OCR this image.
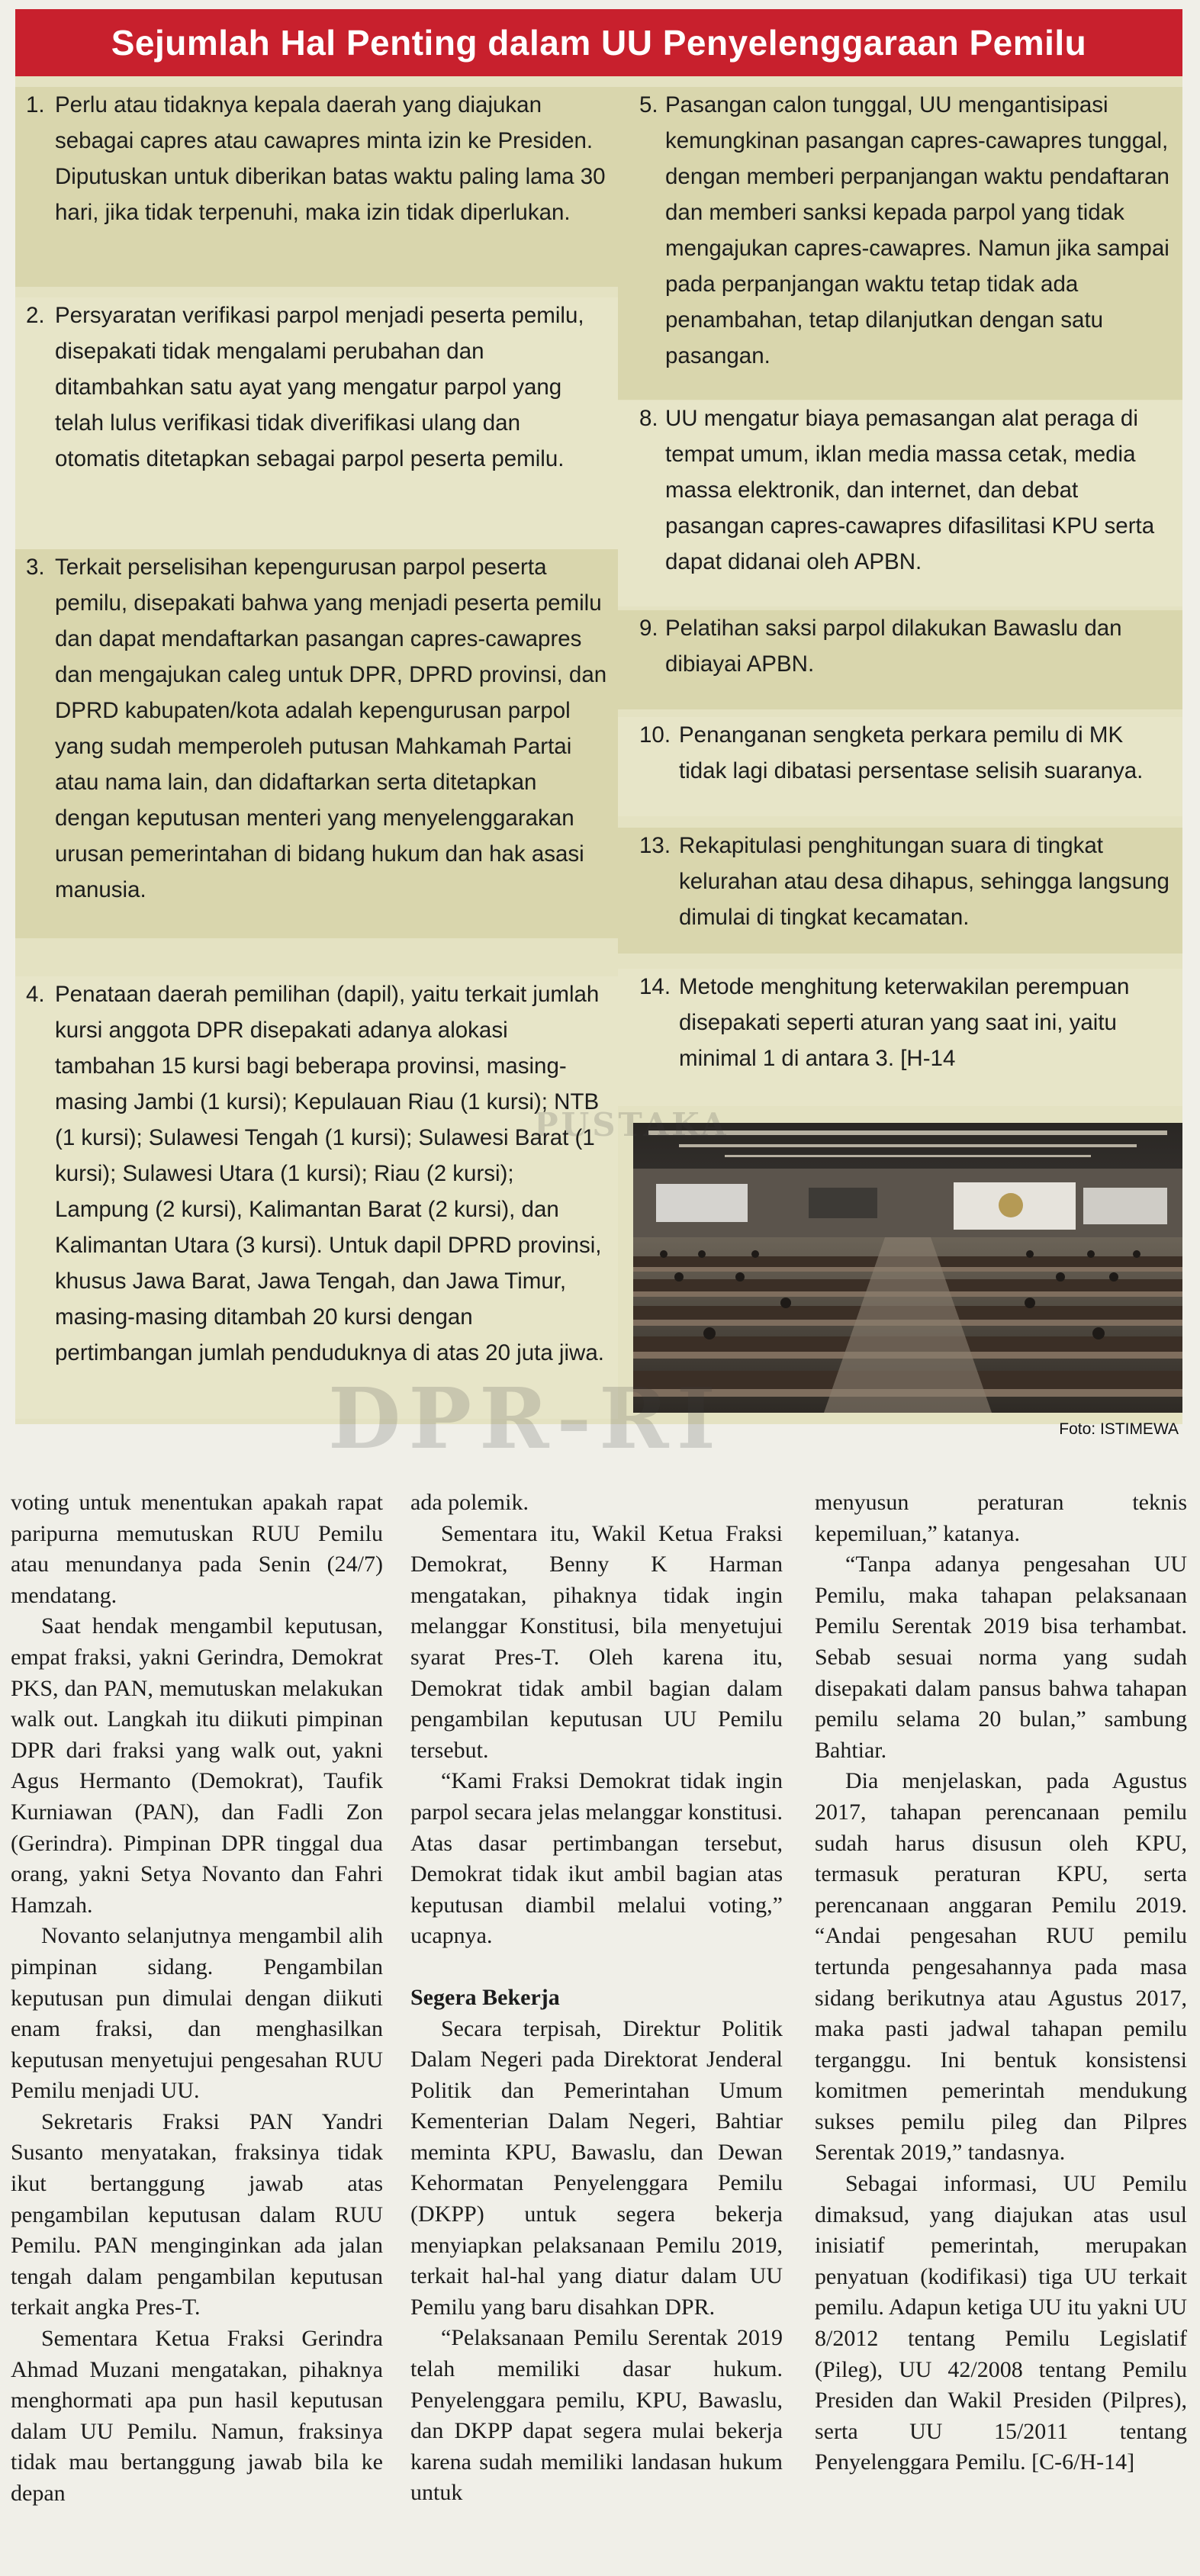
Sejumlah Hal Penting dalam UU Penyelenggaraan Pemilu
1. Perlu atau tidaknya kepala daerah yang diajukan sebagai capres atau cawapres minta izin ke Presiden. Diputuskan untuk diberikan batas waktu paling lama 30 hari, jika tidak terpenuhi, maka izin tidak diperlukan.
2. Persyaratan verifikasi parpol menjadi peserta pemilu, disepakati tidak mengalami perubahan dan ditambahkan satu ayat yang mengatur parpol yang telah lulus verifikasi tidak diverifikasi ulang dan otomatis ditetapkan sebagai parpol peserta pemilu.
3. Terkait perselisihan kepengurusan parpol peserta pemilu, disepakati bahwa yang menjadi peserta pemilu dan dapat mendaftarkan pasangan capres-cawapres dan mengajukan caleg untuk DPR, DPRD provinsi, dan DPRD kabupaten/kota adalah kepengurusan parpol yang sudah memperoleh putusan Mahkamah Partai atau nama lain, dan didaftarkan serta ditetapkan dengan keputusan menteri yang menyelenggarakan urusan pemerintahan di bidang hukum dan hak asasi manusia.
4. Penataan daerah pemilihan (dapil), yaitu terkait jumlah kursi anggota DPR disepakati adanya alokasi tambahan 15 kursi bagi beberapa provinsi, masing-masing Jambi (1 kursi); Kepulauan Riau (1 kursi); NTB (1 kursi); Sulawesi Tengah (1 kursi); Sulawesi Barat (1 kursi); Sulawesi Utara (1 kursi); Riau (2 kursi); Lampung (2 kursi), Kalimantan Barat (2 kursi), dan Kalimantan Utara (3 kursi). Untuk dapil DPRD provinsi, khusus Jawa Barat, Jawa Tengah, dan Jawa Timur, masing-masing ditambah 20 kursi dengan pertimbangan jumlah penduduknya di atas 20 juta jiwa.
5. Pasangan calon tunggal, UU mengantisipasi kemungkinan pasangan capres-cawapres tunggal, dengan memberi perpanjangan waktu pendaftaran dan memberi sanksi kepada parpol yang tidak mengajukan capres-cawapres. Namun jika sampai pada perpanjangan waktu tetap tidak ada penambahan, tetap dilanjutkan dengan satu pasangan.
8. UU mengatur biaya pemasangan alat peraga di tempat umum, iklan media massa cetak, media massa elektronik, dan internet, dan debat pasangan capres-cawapres difasilitasi KPU serta dapat didanai oleh APBN.
9. Pelatihan saksi parpol dilakukan Bawaslu dan dibiayai APBN.
10. Penanganan sengketa perkara pemilu di MK tidak lagi dibatasi persentase selisih suaranya.
13. Rekapitulasi penghitungan suara di tingkat kelurahan atau desa dihapus, sehingga langsung dimulai di tingkat kecamatan.
14. Metode menghitung keterwakilan perempuan disepakati seperti aturan yang saat ini, yaitu minimal 1 di antara 3. [H-14
DPR-RI
PUSTAKA
Foto: ISTIMEWA

voting untuk menentukan apakah rapat paripurna memutuskan RUU Pemilu atau menundanya pada Senin (24/7) mendatang.

Saat hendak mengambil keputusan, empat fraksi, yakni Gerindra, Demokrat PKS, dan PAN, memutuskan melakukan walk out. Langkah itu diikuti pimpinan DPR dari fraksi yang walk out, yakni Agus Hermanto (Demokrat), Taufik Kurniawan (PAN), dan Fadli Zon (Gerindra). Pimpinan DPR tinggal dua orang, yakni Setya Novanto dan Fahri Hamzah.

Novanto selanjutnya mengambil alih pimpinan sidang. Pengambilan keputusan pun dimulai dengan diikuti enam fraksi, dan menghasilkan keputusan menyetujui pengesahan RUU Pemilu menjadi UU.

Sekretaris Fraksi PAN Yandri Susanto menyatakan, fraksinya tidak ikut bertanggung jawab atas pengambilan keputusan dalam RUU Pemilu. PAN menginginkan ada jalan tengah dalam pengambilan keputusan terkait angka Pres-T.

Sementara Ketua Fraksi Gerindra Ahmad Muzani mengatakan, pihaknya menghormati apa pun hasil keputusan dalam UU Pemilu. Namun, fraksinya tidak mau bertanggung jawab bila ke depan

ada polemik.

Sementara itu, Wakil Ketua Fraksi Demokrat, Benny K Harman mengatakan, pihaknya tidak ingin melanggar Konstitusi, bila menyetujui syarat Pres-T. Oleh karena itu, Demokrat tidak ambil bagian dalam pengambilan keputusan UU Pemilu tersebut.

“Kami Fraksi Demokrat tidak ingin parpol secara jelas melanggar konstitusi. Atas dasar pertimbangan tersebut, Demokrat tidak ikut ambil bagian atas keputusan diambil melalui voting,” ucapnya.

Segera Bekerja

Secara terpisah, Direktur Politik Dalam Negeri pada Direktorat Jenderal Politik dan Pemerintahan Umum Kementerian Dalam Negeri, Bahtiar meminta KPU, Bawaslu, dan Dewan Kehormatan Penyelenggara Pemilu (DKPP) untuk segera bekerja menyiapkan pelaksanaan Pemilu 2019, terkait hal-hal yang diatur dalam UU Pemilu yang baru disahkan DPR.

“Pelaksanaan Pemilu Serentak 2019 telah memiliki dasar hukum. Penyelenggara pemilu, KPU, Bawaslu, dan DKPP dapat segera mulai bekerja karena sudah memiliki landasan hukum untuk

menyusun peraturan teknis kepemiluan,” katanya.

“Tanpa adanya pengesahan UU Pemilu, maka tahapan pelaksanaan Pemilu Serentak 2019 bisa terhambat. Sebab sesuai norma yang sudah disepakati dalam pansus bahwa tahapan pemilu selama 20 bulan,” sambung Bahtiar.

Dia menjelaskan, pada Agustus 2017, tahapan perencanaan pemilu sudah harus disusun oleh KPU, termasuk peraturan KPU, serta perencanaan anggaran Pemilu 2019. “Andai pengesahan RUU pemilu tertunda pengesahannya pada masa sidang berikutnya atau Agustus 2017, maka pasti jadwal tahapan pemilu terganggu. Ini bentuk konsistensi komitmen pemerintah mendukung sukses pemilu pileg dan Pilpres Serentak 2019,” tandasnya.

Sebagai informasi, UU Pemilu dimaksud, yang diajukan atas usul inisiatif pemerintah, merupakan penyatuan (kodifikasi) tiga UU terkait pemilu. Adapun ketiga UU itu yakni UU 8/2012 tentang Pemilu Legislatif (Pileg), UU 42/2008 tentang Pemilu Presiden dan Wakil Presiden (Pilpres), serta UU 15/2011 tentang Penyelenggara Pemilu. [C-6/H-14]
